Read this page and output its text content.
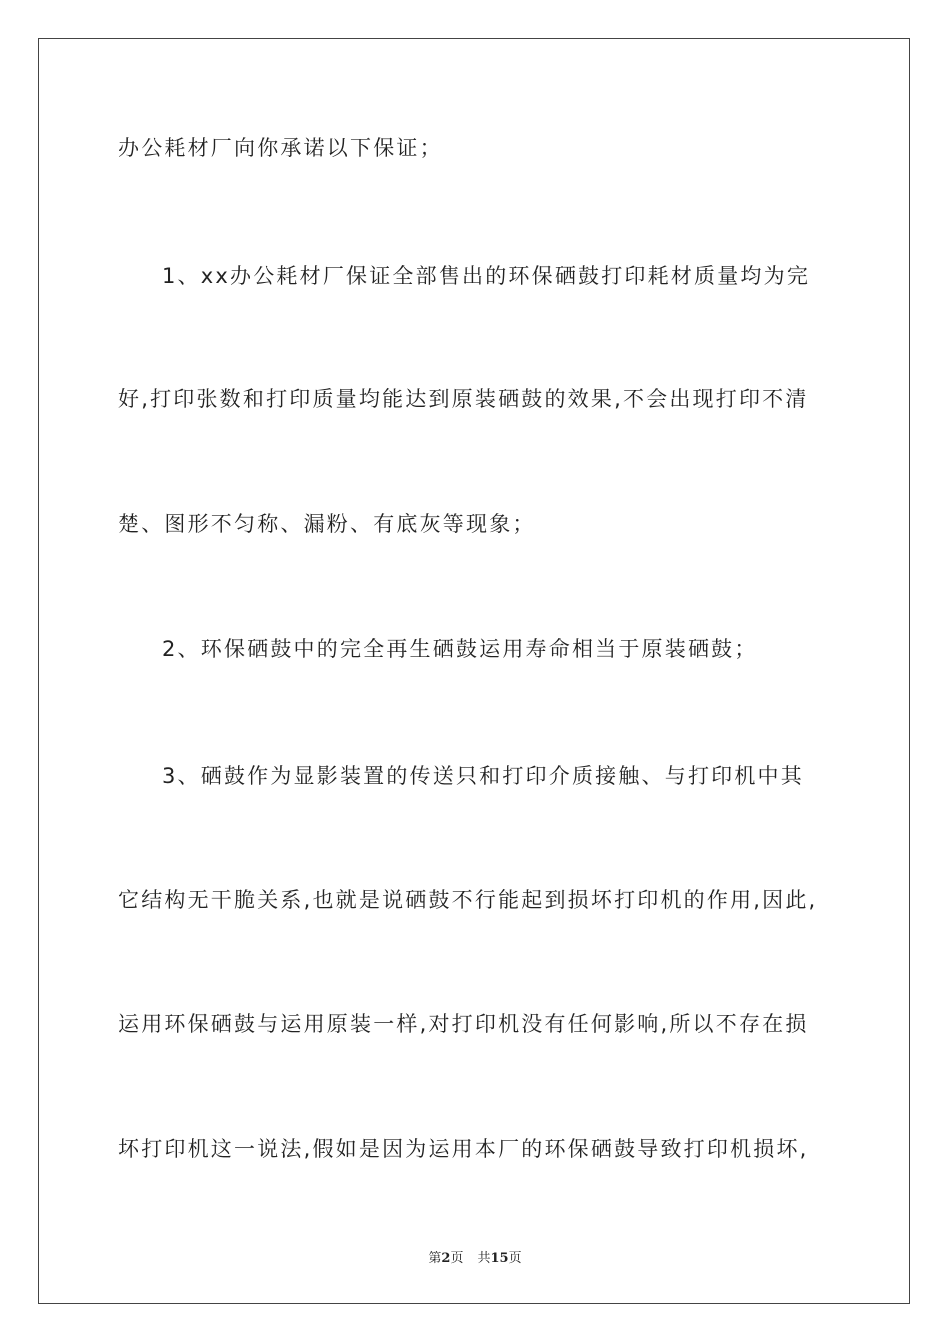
办公耗材厂向你承诺以下保证；
1、xx办公耗材厂保证全部售出的环保硒鼓打印耗材质量均为完
好,打印张数和打印质量均能达到原装硒鼓的效果,不会出现打印不清
楚、图形不匀称、漏粉、有底灰等现象；
2、环保硒鼓中的完全再生硒鼓运用寿命相当于原装硒鼓；
3、硒鼓作为显影装置的传送只和打印介质接触、与打印机中其
它结构无干脆关系,也就是说硒鼓不行能起到损坏打印机的作用,因此,
运用环保硒鼓与运用原装一样,对打印机没有任何影响,所以不存在损
坏打印机这一说法,假如是因为运用本厂的环保硒鼓导致打印机损坏,
第2页 共15页
